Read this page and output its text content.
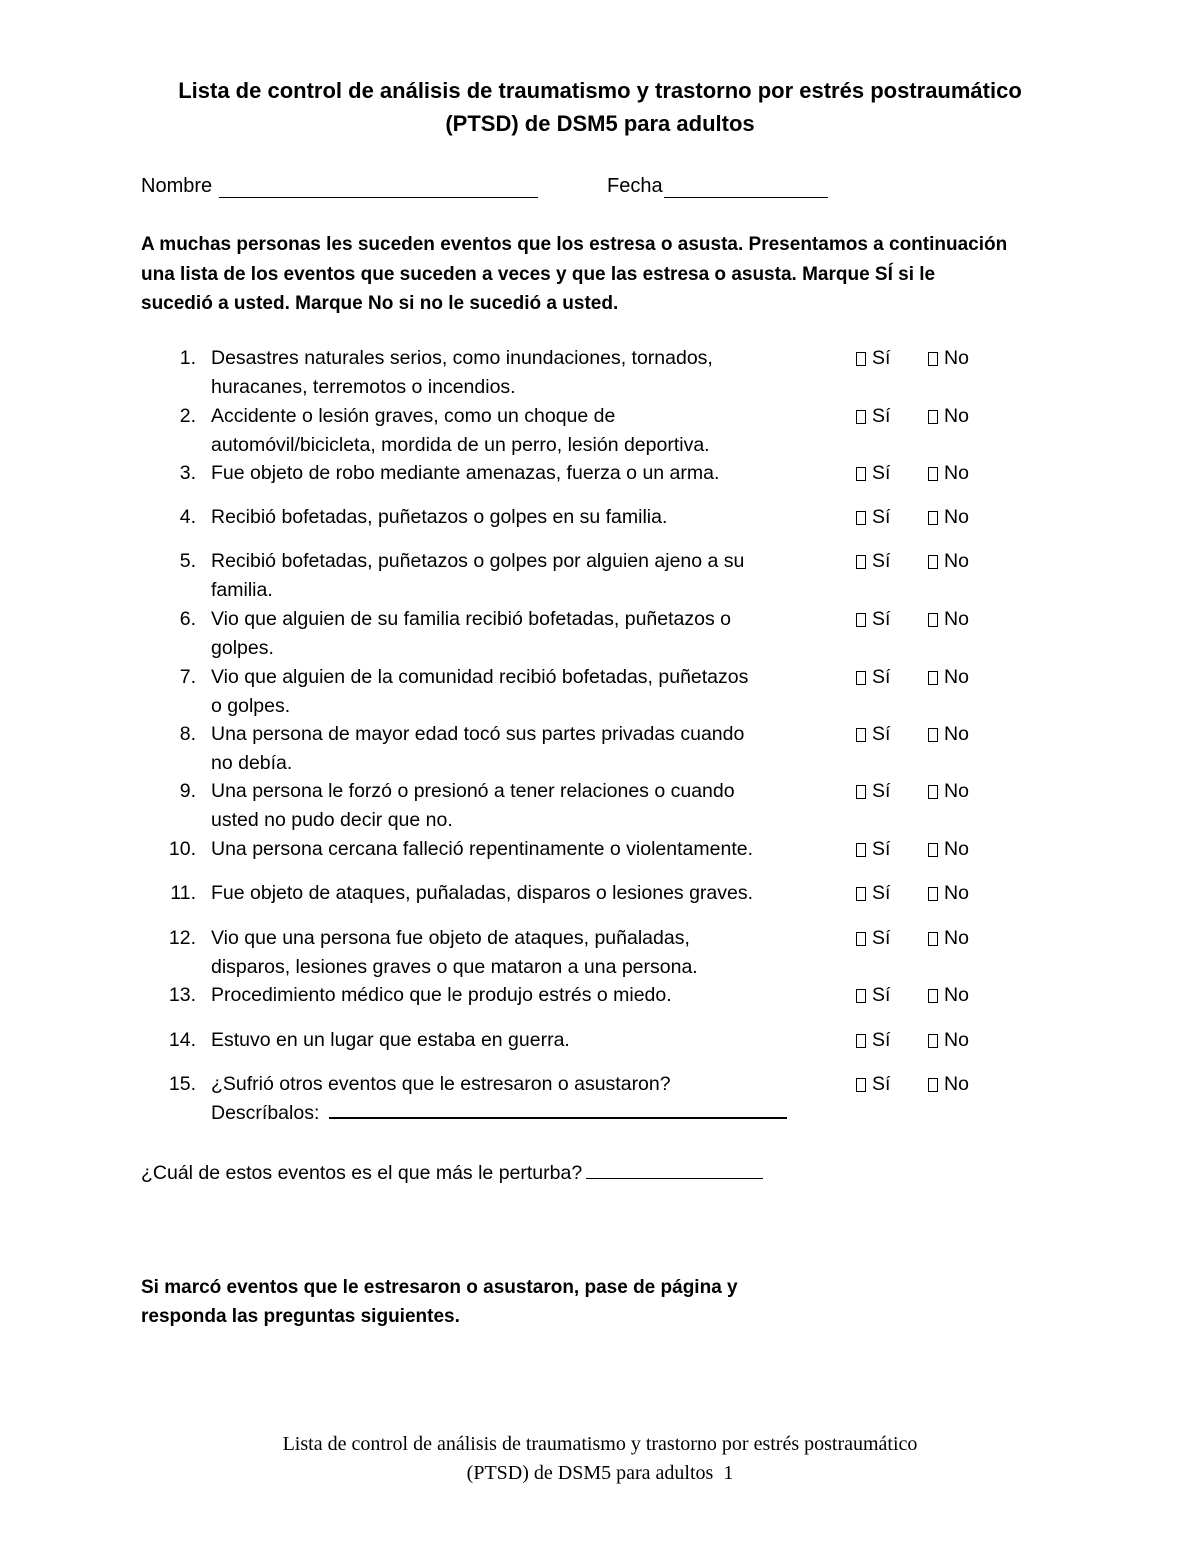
Lista de control de análisis de traumatismo y trastorno por estrés postraumático
(PTSD) de DSM5 para adultos
Nombre	Fecha
A muchas personas les suceden eventos que los estresa o asusta. Presentamos a continuación
una lista de los eventos que suceden a veces y que las estresa o asusta. Marque SÍ si le
sucedió a usted. Marque No si no le sucedió a usted.
1. Desastres naturales serios, como inundaciones, tornados,
huracanes, terremotos o incendios.
Sí	No
2. Accidente o lesión graves, como un choque de
automóvil/bicicleta, mordida de un perro, lesión deportiva.
Sí	No
3. Fue objeto de robo mediante amenazas, fuerza o un arma.	Sí	No
4. Recibió bofetadas, puñetazos o golpes en su familia.	Sí	No
5. Recibió bofetadas, puñetazos o golpes por alguien ajeno a su
familia.
Sí	No
6. Vio que alguien de su familia recibió bofetadas, puñetazos o
golpes.
Sí	No
7. Vio que alguien de la comunidad recibió bofetadas, puñetazos
o golpes.
Sí	No
8. Una persona de mayor edad tocó sus partes privadas cuando
no debía.
Sí	No
9. Una persona le forzó o presionó a tener relaciones o cuando
usted no pudo decir que no.
Sí	No
10. Una persona cercana falleció repentinamente o violentamente.	Sí	No
11. Fue objeto de ataques, puñaladas, disparos o lesiones graves.	Sí	No
12. Vio que una persona fue objeto de ataques, puñaladas,
disparos, lesiones graves o que mataron a una persona.
Sí	No
13. Procedimiento médico que le produjo estrés o miedo.	Sí	No
14. Estuvo en un lugar que estaba en guerra.	Sí	No
15. ¿Sufrió otros eventos que le estresaron o asustaron?
Descríbalos:
Sí	No
¿Cuál de estos eventos es el que más le perturba?
Si marcó eventos que le estresaron o asustaron, pase de página y
responda las preguntas siguientes.
Lista de control de análisis de traumatismo y trastorno por estrés postraumático
(PTSD) de DSM5 para adultos 1
